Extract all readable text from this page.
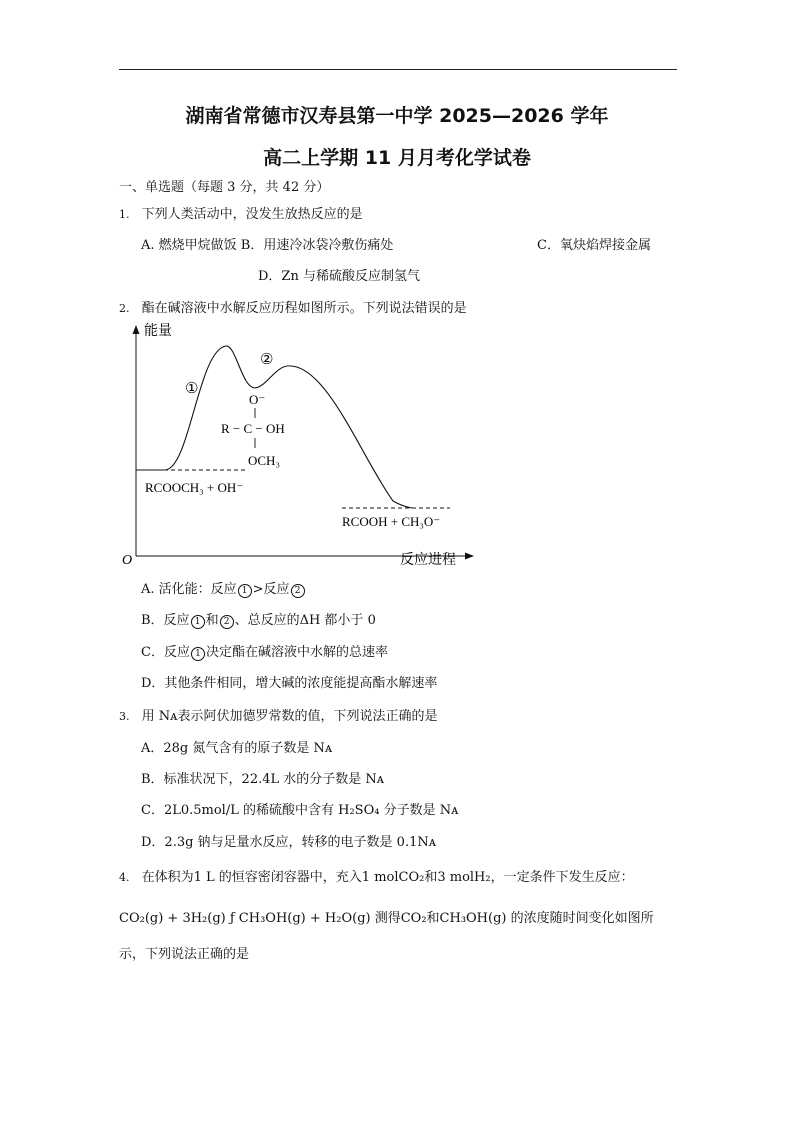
湖南省常德市汉寿县第一中学 2025—2026 学年
高二上学期 11 月月考化学试卷
一、单选题（每题 3 分，共 42 分）
1. 下列人类活动中，没发生放热反应的是
A. 燃烧甲烷做饭 B．用速冷冰袋冷敷伤痛处	C．氧炔焰焊接金属
D．Zn 与稀硫酸反应制氢气
2. 酯在碱溶液中水解反应历程如图所示。下列说法错误的是
能量
反应进程
O
①
②
O⁻
R − C − OH
OCH₃
RCOOCH₃ + OH⁻
RCOOH + CH₃O⁻
A. 活化能：反应 1 >反应 2
B．反应 1 和 2 、总反应的ΔH 都小于 0
C．反应 1 决定酯在碱溶液中水解的总速率
D．其他条件相同，增大碱的浓度能提高酯水解速率
3. 用 Nᴀ表示阿伏加德罗常数的值，下列说法正确的是
A．28g 氮气含有的原子数是 Nᴀ
B．标准状况下，22.4L 水的分子数是 Nᴀ
C．2L0.5mol/L 的稀硫酸中含有 H₂SO₄ 分子数是 Nᴀ
D．2.3g 钠与足量水反应，转移的电子数是 0.1Nᴀ
4. 在体积为1 L 的恒容密闭容器中，充入1 molCO₂和3 molH₂，一定条件下发生反应：
CO₂(g) + 3H₂(g) ƒ CH₃OH(g) + H₂O(g) 测得CO₂和CH₃OH(g) 的浓度随时间变化如图所
示，下列说法正确的是
